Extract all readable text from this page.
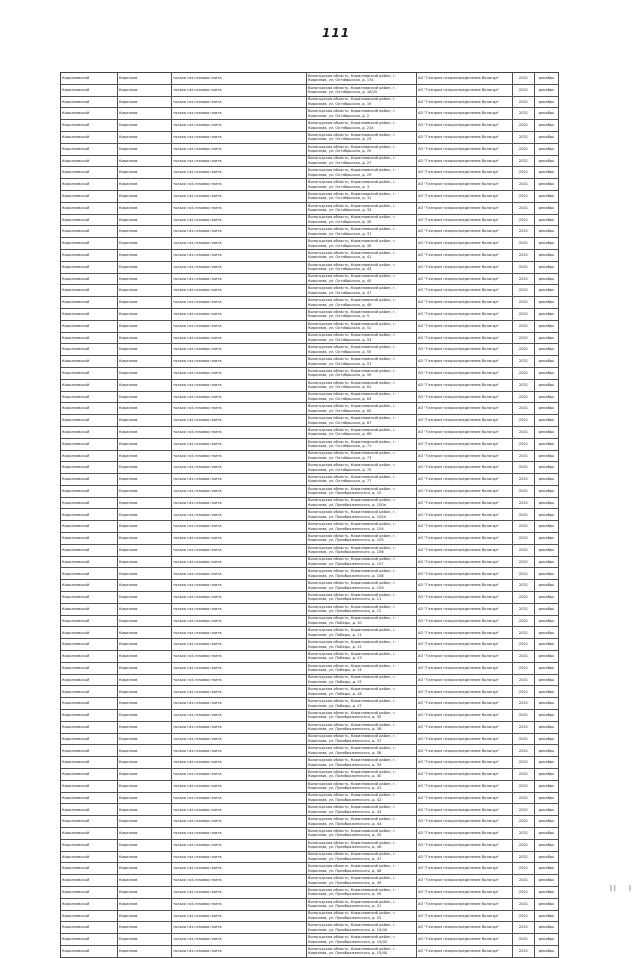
111
Кирилловский	Кириллов	только газ-газовая плита
Вологодская область, Кирилловский район, г.
Кириллов, ул. Октябрьская, д. 17а
АО "Газпром газораспределение Вологда"	2021	декабрь
Кирилловский	Кириллов	только газ-газовая плита
Вологодская область, Кирилловский район, г.
Кириллов, ул. Октябрьская, д. 18/20
АО "Газпром газораспределение Вологда"	2021	декабрь
Кирилловский	Кириллов	только газ-газовая плита
Вологодская область, Кирилловский район, г.
Кириллов, ул. Октябрьская, д. 19
АО "Газпром газораспределение Вологда"	2021	декабрь
Кирилловский	Кириллов	только газ-газовая плита
Вологодская область, Кирилловский район, г.
Кириллов, ул. Октябрьская, д. 2
АО "Газпром газораспределение Вологда"	2021	декабрь
Кирилловский	Кириллов	только газ-газовая плита
Вологодская область, Кирилловский район, г.
Кириллов, ул. Октябрьская, д. 21а
АО "Газпром газораспределение Вологда"	2021	декабрь
Кирилловский	Кириллов	только газ-газовая плита
Вологодская область, Кирилловский район, г.
Кириллов, ул. Октябрьская, д. 23
АО "Газпром газораспределение Вологда"	2021	декабрь
Кирилловский	Кириллов	только газ-газовая плита
Вологодская область, Кирилловский район, г.
Кириллов, ул. Октябрьская, д. 25
АО "Газпром газораспределение Вологда"	2021	декабрь
Кирилловский	Кириллов	только газ-газовая плита
Вологодская область, Кирилловский район, г.
Кириллов, ул. Октябрьская, д. 27
АО "Газпром газораспределение Вологда"	2021	декабрь
Кирилловский	Кириллов	только газ-газовая плита
Вологодская область, Кирилловский район, г.
Кириллов, ул. Октябрьская, д. 29
АО "Газпром газораспределение Вологда"	2021	декабрь
Кирилловский	Кириллов	только газ-газовая плита
Вологодская область, Кирилловский район, г.
Кириллов, ул. Октябрьская, д. 3
АО "Газпром газораспределение Вологда"	2021	декабрь
Кирилловский	Кириллов	только газ-газовая плита
Вологодская область, Кирилловский район, г.
Кириллов, ул. Октябрьская, д. 31
АО "Газпром газораспределение Вологда"	2021	декабрь
Кирилловский	Кириллов	только газ-газовая плита
Вологодская область, Кирилловский район, г.
Кириллов, ул. Октябрьская, д. 33
АО "Газпром газораспределение Вологда"	2021	декабрь
Кирилловский	Кириллов	только газ-газовая плита
Вологодская область, Кирилловский район, г.
Кириллов, ул. Октябрьская, д. 35
АО "Газпром газораспределение Вологда"	2021	декабрь
Кирилловский	Кириллов	только газ-газовая плита
Вологодская область, Кирилловский район, г.
Кириллов, ул. Октябрьская, д. 37
АО "Газпром газораспределение Вологда"	2021	декабрь
Кирилловский	Кириллов	только газ-газовая плита
Вологодская область, Кирилловский район, г.
Кириллов, ул. Октябрьская, д. 39
АО "Газпром газораспределение Вологда"	2021	декабрь
Кирилловский	Кириллов	только газ-газовая плита
Вологодская область, Кирилловский район, г.
Кириллов, ул. Октябрьская, д. 41
АО "Газпром газораспределение Вологда"	2021	декабрь
Кирилловский	Кириллов	только газ-газовая плита
Вологодская область, Кирилловский район, г.
Кириллов, ул. Октябрьская, д. 43
АО "Газпром газораспределение Вологда"	2021	декабрь
Кирилловский	Кириллов	только газ-газовая плита
Вологодская область, Кирилловский район, г.
Кириллов, ул. Октябрьская, д. 45
АО "Газпром газораспределение Вологда"	2021	декабрь
Кирилловский	Кириллов	только газ-газовая плита
Вологодская область, Кирилловский район, г.
Кириллов, ул. Октябрьская, д. 47
АО "Газпром газораспределение Вологда"	2021	декабрь
Кирилловский	Кириллов	только газ-газовая плита
Вологодская область, Кирилловский район, г.
Кириллов, ул. Октябрьская, д. 49
АО "Газпром газораспределение Вологда"	2021	декабрь
Кирилловский	Кириллов	только газ-газовая плита
Вологодская область, Кирилловский район, г.
Кириллов, ул. Октябрьская, д. 5
АО "Газпром газораспределение Вологда"	2021	декабрь
Кирилловский	Кириллов	только газ-газовая плита
Вологодская область, Кирилловский район, г.
Кириллов, ул. Октябрьская, д. 51
АО "Газпром газораспределение Вологда"	2021	декабрь
Кирилловский	Кириллов	только газ-газовая плита
Вологодская область, Кирилловский район, г.
Кириллов, ул. Октябрьская, д. 53
АО "Газпром газораспределение Вологда"	2021	декабрь
Кирилловский	Кириллов	только газ-газовая плита
Вологодская область, Кирилловский район, г.
Кириллов, ул. Октябрьская, д. 55
АО "Газпром газораспределение Вологда"	2021	декабрь
Кирилловский	Кириллов	только газ-газовая плита
Вологодская область, Кирилловский район, г.
Кириллов, ул. Октябрьская, д. 57
АО "Газпром газораспределение Вологда"	2021	декабрь
Кирилловский	Кириллов	только газ-газовая плита
Вологодская область, Кирилловский район, г.
Кириллов, ул. Октябрьская, д. 59
АО "Газпром газораспределение Вологда"	2021	декабрь
Кирилловский	Кириллов	только газ-газовая плита
Вологодская область, Кирилловский район, г.
Кириллов, ул. Октябрьская, д. 61
АО "Газпром газораспределение Вологда"	2021	декабрь
Кирилловский	Кириллов	только газ-газовая плита
Вологодская область, Кирилловский район, г.
Кириллов, ул. Октябрьская, д. 63
АО "Газпром газораспределение Вологда"	2021	декабрь
Кирилловский	Кириллов	только газ-газовая плита
Вологодская область, Кирилловский район, г.
Кириллов, ул. Октябрьская, д. 65
АО "Газпром газораспределение Вологда"	2021	декабрь
Кирилловский	Кириллов	только газ-газовая плита
Вологодская область, Кирилловский район, г.
Кириллов, ул. Октябрьская, д. 67
АО "Газпром газораспределение Вологда"	2021	декабрь
Кирилловский	Кириллов	только газ-газовая плита
Вологодская область, Кирилловский район, г.
Кириллов, ул. Октябрьская, д. 69
АО "Газпром газораспределение Вологда"	2021	декабрь
Кирилловский	Кириллов	только газ-газовая плита
Вологодская область, Кирилловский район, г.
Кириллов, ул. Октябрьская, д. 71
АО "Газпром газораспределение Вологда"	2021	декабрь
Кирилловский	Кириллов	только газ-газовая плита
Вологодская область, Кирилловский район, г.
Кириллов, ул. Октябрьская, д. 73
АО "Газпром газораспределение Вологда"	2021	декабрь
Кирилловский	Кириллов	только газ-газовая плита
Вологодская область, Кирилловский район, г.
Кириллов, ул. Октябрьская, д. 75
АО "Газпром газораспределение Вологда"	2021	декабрь
Кирилловский	Кириллов	только газ-газовая плита
Вологодская область, Кирилловский район, г.
Кириллов, ул. Октябрьская, д. 77
АО "Газпром газораспределение Вологда"	2021	декабрь
Кирилловский	Кириллов	только газ-газовая плита
Вологодская область, Кирилловский район, г.
Кириллов, ул. Преображенского, д. 10
АО "Газпром газораспределение Вологда"	2021	декабрь
Кирилловский	Кириллов	только газ-газовая плита
Вологодская область, Кирилловский район, г.
Кириллов, ул. Преображенского, д. 100а
АО "Газпром газораспределение Вологда"	2021	декабрь
Кирилловский	Кириллов	только газ-газовая плита
Вологодская область, Кирилловский район, г.
Кириллов, ул. Преображенского, д. 102а
АО "Газпром газораспределение Вологда"	2021	декабрь
Кирилловский	Кириллов	только газ-газовая плита
Вологодская область, Кирилловский район, г.
Кириллов, ул. Преображенского, д. 104
АО "Газпром газораспределение Вологда"	2021	декабрь
Кирилловский	Кириллов	только газ-газовая плита
Вологодская область, Кирилловский район, г.
Кириллов, ул. Преображенского, д. 105
АО "Газпром газораспределение Вологда"	2021	декабрь
Кирилловский	Кириллов	только газ-газовая плита
Вологодская область, Кирилловский район, г.
Кириллов, ул. Преображенского, д. 106
АО "Газпром газораспределение Вологда"	2021	декабрь
Кирилловский	Кириллов	только газ-газовая плита
Вологодская область, Кирилловский район, г.
Кириллов, ул. Преображенского, д. 107
АО "Газпром газораспределение Вологда"	2021	декабрь
Кирилловский	Кириллов	только газ-газовая плита
Вологодская область, Кирилловский район, г.
Кириллов, ул. Преображенского, д. 108
АО "Газпром газораспределение Вологда"	2021	декабрь
Кирилловский	Кириллов	только газ-газовая плита
Вологодская область, Кирилловский район, г.
Кириллов, ул. Преображенского, д. 109
АО "Газпром газораспределение Вологда"	2021	декабрь
Кирилловский	Кириллов	только газ-газовая плита
Вологодская область, Кирилловский район, г.
Кириллов, ул. Преображенского, д. 11
АО "Газпром газораспределение Вологда"	2021	декабрь
Кирилловский	Кириллов	только газ-газовая плита
Вологодская область, Кирилловский район, г.
Кириллов, ул. Преображенского, д. 12
АО "Газпром газораспределение Вологда"	2021	декабрь
Кирилловский	Кириллов	только газ-газовая плита
Вологодская область, Кирилловский район, г.
Кириллов, ул. Победы, д. 10
АО "Газпром газораспределение Вологда"	2021	декабрь
Кирилловский	Кириллов	только газ-газовая плита
Вологодская область, Кирилловский район, г.
Кириллов, ул. Победы, д. 11
АО "Газпром газораспределение Вологда"	2021	декабрь
Кирилловский	Кириллов	только газ-газовая плита
Вологодская область, Кирилловский район, г.
Кириллов, ул. Победы, д. 12
АО "Газпром газораспределение Вологда"	2021	декабрь
Кирилловский	Кириллов	только газ-газовая плита
Вологодская область, Кирилловский район, г.
Кириллов, ул. Победы, д. 13
АО "Газпром газораспределение Вологда"	2021	декабрь
Кирилловский	Кириллов	только газ-газовая плита
Вологодская область, Кирилловский район, г.
Кириллов, ул. Победы, д. 14
АО "Газпром газораспределение Вологда"	2021	декабрь
Кирилловский	Кириллов	только газ-газовая плита
Вологодская область, Кирилловский район, г.
Кириллов, ул. Победы, д. 15
АО "Газпром газораспределение Вологда"	2021	декабрь
Кирилловский	Кириллов	только газ-газовая плита
Вологодская область, Кирилловский район, г.
Кириллов, ул. Победы, д. 16
АО "Газпром газораспределение Вологда"	2021	декабрь
Кирилловский	Кириллов	только газ-газовая плита
Вологодская область, Кирилловский район, г.
Кириллов, ул. Победы, д. 17
АО "Газпром газораспределение Вологда"	2021	декабрь
Кирилловский	Кириллов	только газ-газовая плита
Вологодская область, Кирилловский район, г.
Кириллов, ул. Преображенского, д. 35
АО "Газпром газораспределение Вологда"	2021	декабрь
Кирилловский	Кириллов	только газ-газовая плита
Вологодская область, Кирилловский район, г.
Кириллов, ул. Преображенского, д. 36
АО "Газпром газораспределение Вологда"	2021	декабрь
Кирилловский	Кириллов	только газ-газовая плита
Вологодская область, Кирилловский район, г.
Кириллов, ул. Преображенского, д. 37
АО "Газпром газораспределение Вологда"	2021	декабрь
Кирилловский	Кириллов	только газ-газовая плита
Вологодская область, Кирилловский район, г.
Кириллов, ул. Преображенского, д. 38
АО "Газпром газораспределение Вологда"	2021	декабрь
Кирилловский	Кириллов	только газ-газовая плита
Вологодская область, Кирилловский район, г.
Кириллов, ул. Преображенского, д. 39
АО "Газпром газораспределение Вологда"	2021	декабрь
Кирилловский	Кириллов	только газ-газовая плита
Вологодская область, Кирилловский район, г.
Кириллов, ул. Преображенского, д. 40
АО "Газпром газораспределение Вологда"	2021	декабрь
Кирилловский	Кириллов	только газ-газовая плита
Вологодская область, Кирилловский район, г.
Кириллов, ул. Преображенского, д. 41
АО "Газпром газораспределение Вологда"	2021	декабрь
Кирилловский	Кириллов	только газ-газовая плита
Вологодская область, Кирилловский район, г.
Кириллов, ул. Преображенского, д. 42
АО "Газпром газораспределение Вологда"	2021	декабрь
Кирилловский	Кириллов	только газ-газовая плита
Вологодская область, Кирилловский район, г.
Кириллов, ул. Преображенского, д. 43
АО "Газпром газораспределение Вологда"	2021	декабрь
Кирилловский	Кириллов	только газ-газовая плита
Вологодская область, Кирилловский район, г.
Кириллов, ул. Преображенского, д. 44
АО "Газпром газораспределение Вологда"	2021	декабрь
Кирилловский	Кириллов	только газ-газовая плита
Вологодская область, Кирилловский район, г.
Кириллов, ул. Преображенского, д. 45
АО "Газпром газораспределение Вологда"	2021	декабрь
Кирилловский	Кириллов	только газ-газовая плита
Вологодская область, Кирилловский район, г.
Кириллов, ул. Преображенского, д. 46
АО "Газпром газораспределение Вологда"	2021	декабрь
Кирилловский	Кириллов	только газ-газовая плита
Вологодская область, Кирилловский район, г.
Кириллов, ул. Преображенского, д. 47
АО "Газпром газораспределение Вологда"	2021	декабрь
Кирилловский	Кириллов	только газ-газовая плита
Вологодская область, Кирилловский район, г.
Кириллов, ул. Преображенского, д. 48
АО "Газпром газораспределение Вологда"	2021	декабрь
Кирилловский	Кириллов	только газ-газовая плита
Вологодская область, Кирилловский район, г.
Кириллов, ул. Преображенского, д. 49
АО "Газпром газораспределение Вологда"	2021	декабрь
Кирилловский	Кириллов	только газ-газовая плита
Вологодская область, Кирилловский район, г.
Кириллов, ул. Преображенского, д. 50
АО "Газпром газораспределение Вологда"	2021	декабрь
Кирилловский	Кириллов	только газ-газовая плита
Вологодская область, Кирилловский район, г.
Кириллов, ул. Преображенского, д. 51
АО "Газпром газораспределение Вологда"	2021	декабрь
Кирилловский	Кириллов	только газ-газовая плита
Вологодская область, Кирилловский район, г.
Кириллов, ул. Преображенского, д. 52
АО "Газпром газораспределение Вологда"	2021	декабрь
Кирилловский	Кириллов	только газ-газовая плита
Вологодская область, Кирилловский район, г.
Кириллов, ул. Преображенского, д. 19/40
АО "Газпром газораспределение Вологда"	2021	декабрь
Кирилловский	Кириллов	только газ-газовая плита
Вологодская область, Кирилловский район, г.
Кириллов, ул. Преображенского, д. 19/42
АО "Газпром газораспределение Вологда"	2021	декабрь
Кирилловский	Кириллов	только газ-газовая плита
Вологодская область, Кирилловский район, г.
Кириллов, ул. Преображенского, д. 15/40
АО "Газпром газораспределение Вологда"	2021	декабрь
| | |
